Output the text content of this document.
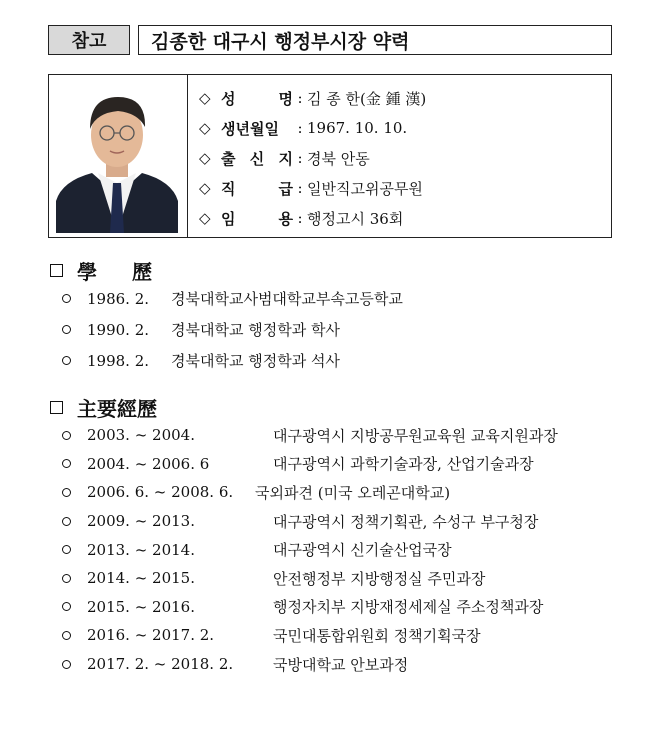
참고 김종한 대구시 행정부시장 약력
◇ 성 명 : 김 종 한(金 鍾 漢)
◇ 생년월일	: 1967. 10. 10.
◇ 출 신 지 : 경북 안동
◇ 직 급 : 일반직고위공무원
◇ 임 용 : 행정고시 36회
學 歷
1986. 2.	경북대학교사범대학교부속고등학교
1990. 2.	경북대학교 행정학과 학사
1998. 2.	경북대학교 행정학과 석사
主要經歷
2003. ~ 2004.	대구광역시 지방공무원교육원 교육지원과장
2004. ~ 2006. 6	대구광역시 과학기술과장, 산업기술과장
2006. 6. ~ 2008. 6.	국외파견 (미국 오레곤대학교)
2009. ~ 2013.	대구광역시 정책기획관, 수성구 부구청장
2013. ~ 2014.	대구광역시 신기술산업국장
2014. ~ 2015.	안전행정부 지방행정실 주민과장
2015. ~ 2016.	행정자치부 지방재정세제실 주소정책과장
2016. ~ 2017. 2.	국민대통합위원회 정책기획국장
2017. 2. ~ 2018. 2.	국방대학교 안보과정
